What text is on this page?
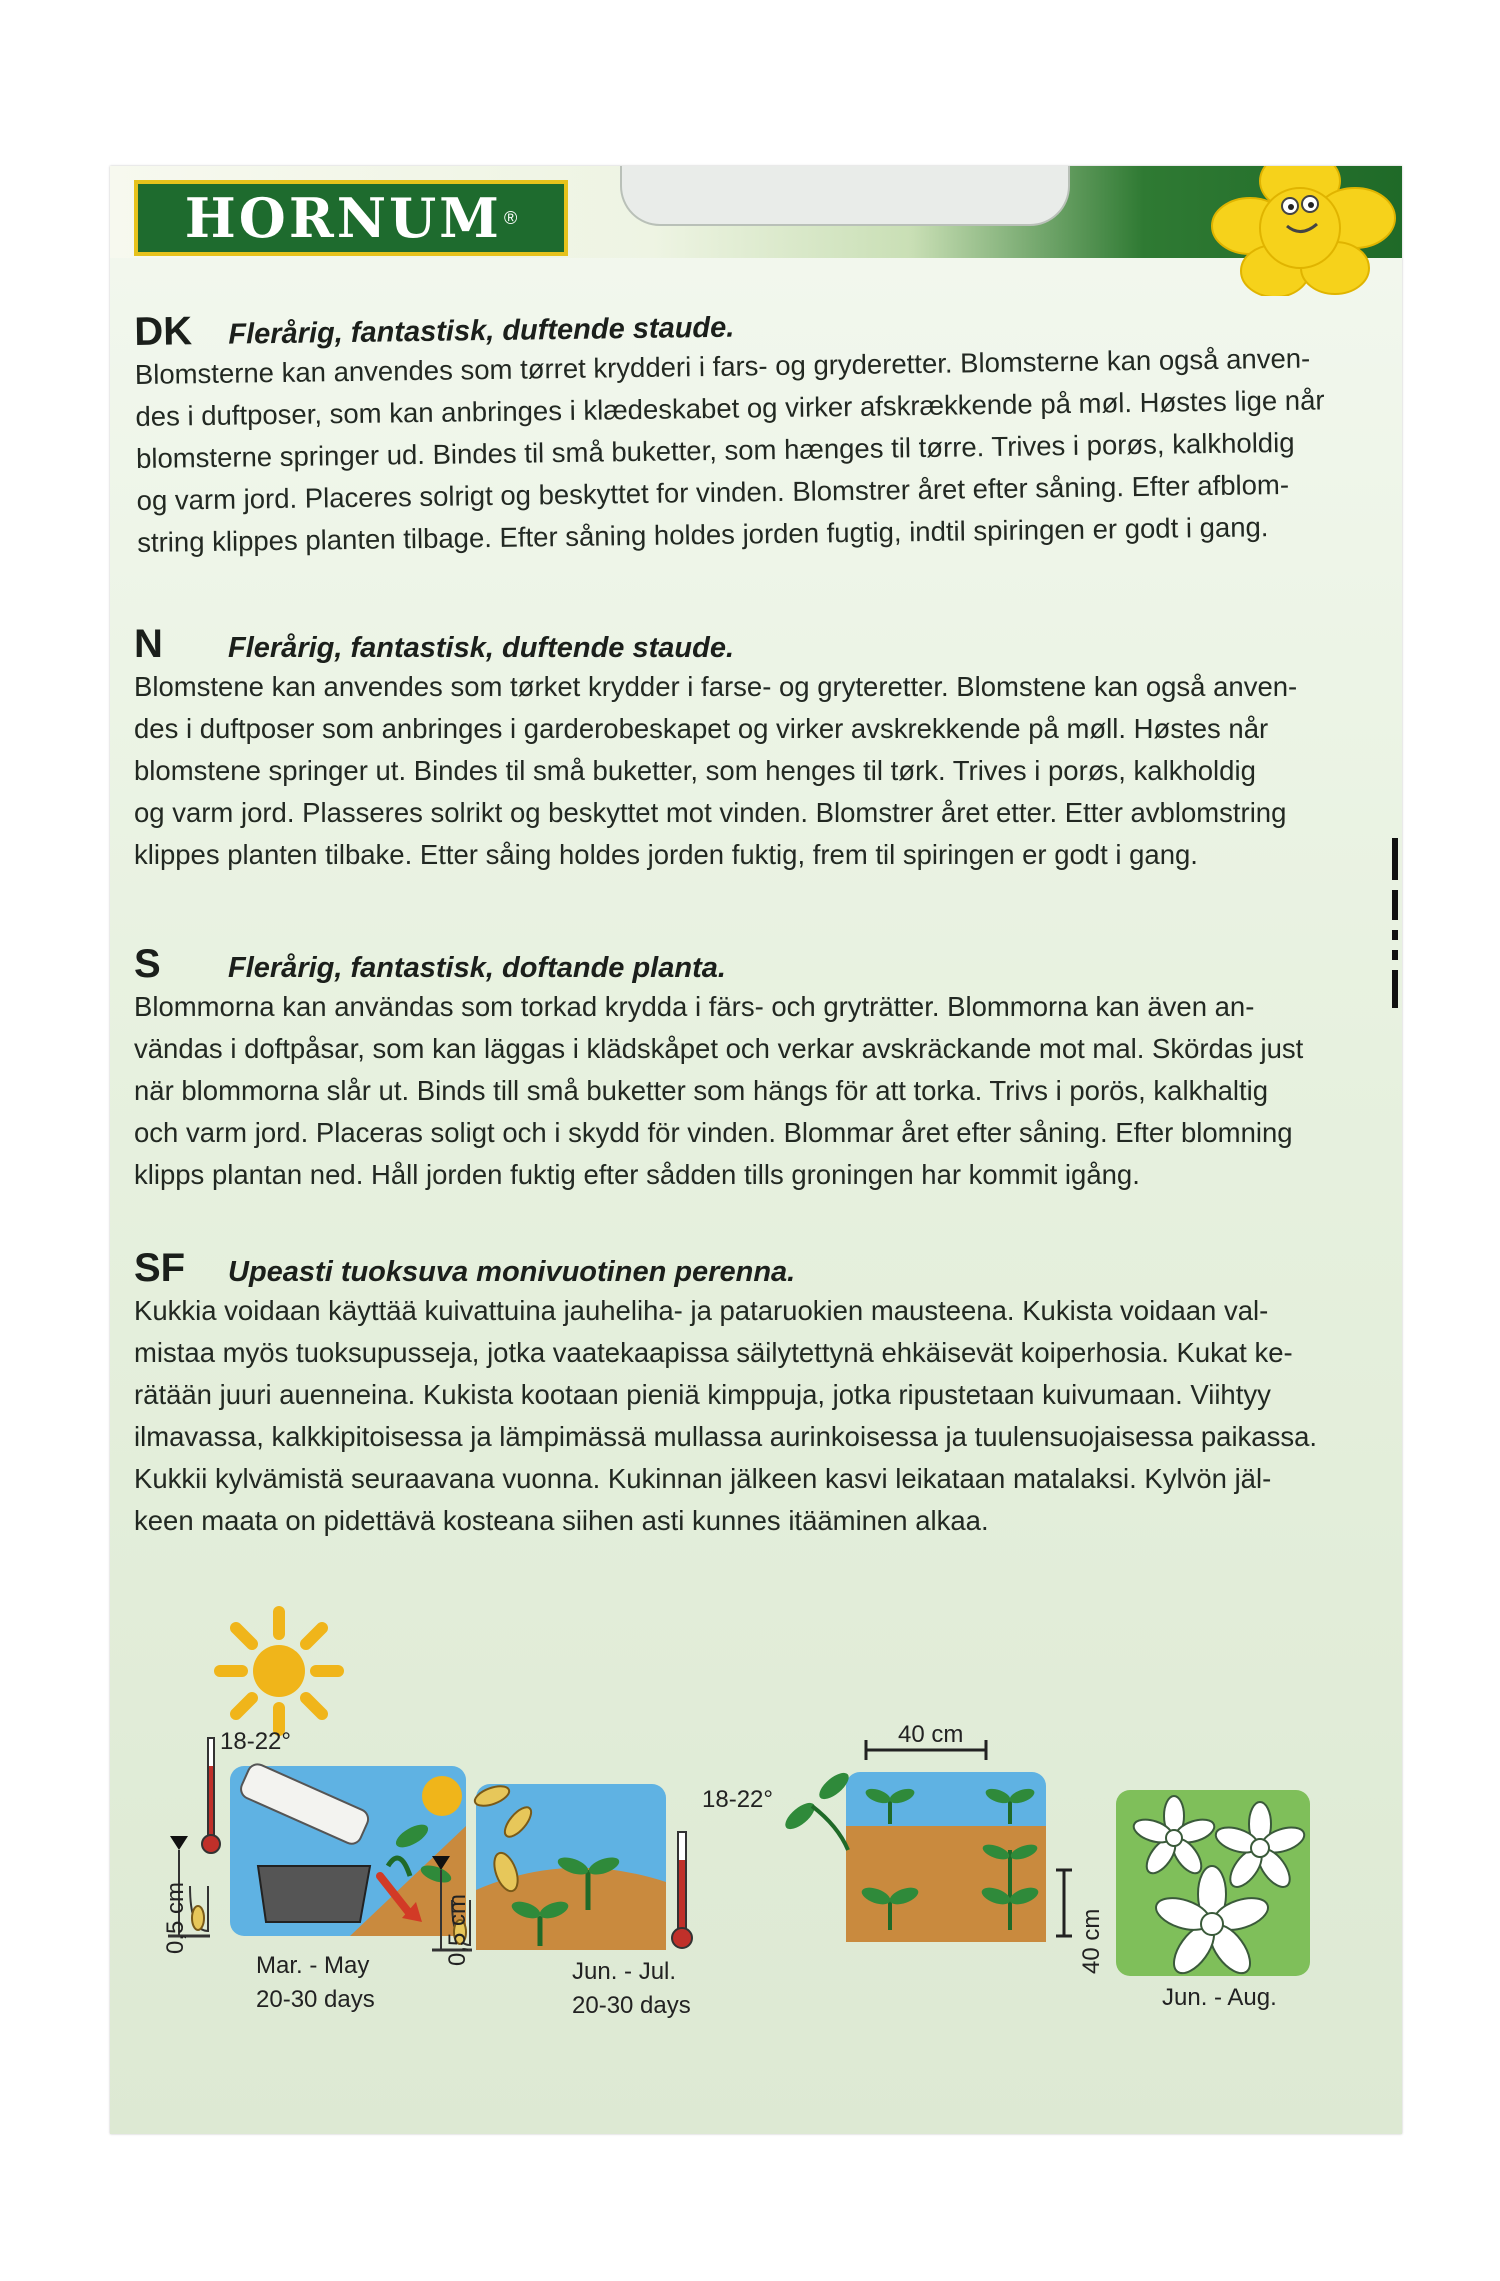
HORNUM ®
DK	Flerårig, fantastisk, duftende staude.

Blomsterne kan anvendes som tørret krydderi i fars- og gryderetter. Blomsterne kan også anven-
des i duftposer, som kan anbringes i klædeskabet og virker afskrækkende på møl. Høstes lige når
blomsterne springer ud. Bindes til små buketter, som hænges til tørre. Trives i porøs, kalkholdig
og varm jord. Placeres solrigt og beskyttet for vinden. Blomstrer året efter såning. Efter afblom-
string klippes planten tilbage. Efter såning holdes jorden fugtig, indtil spiringen er godt i gang.

N	Flerårig, fantastisk, duftende staude.

Blomstene kan anvendes som tørket krydder i farse- og gryteretter. Blomstene kan også anven-
des i duftposer som anbringes i garderobeskapet og virker avskrekkende på møll. Høstes når
blomstene springer ut. Bindes til små buketter, som henges til tørk. Trives i porøs, kalkholdig
og varm jord. Plasseres solrikt og beskyttet mot vinden. Blomstrer året etter. Etter avblomstring
klippes planten tilbake. Etter såing holdes jorden fuktig, frem til spiringen er godt i gang.

S	Flerårig, fantastisk, doftande planta.

Blommorna kan användas som torkad krydda i färs- och gryträtter. Blommorna kan även an-
vändas i doftpåsar, som kan läggas i klädskåpet och verkar avskräckande mot mal. Skördas just
när blommorna slår ut. Binds till små buketter som hängs för att torka. Trivs i porös, kalkhaltig
och varm jord. Placeras soligt och i skydd för vinden. Blommar året efter såning. Efter blomning
klipps plantan ned. Håll jorden fuktig efter sådden tills groningen har kommit igång.

SF	Upeasti tuoksuva monivuotinen perenna.

Kukkia voidaan käyttää kuivattuina jauheliha- ja pataruokien mausteena. Kukista voidaan val-
mistaa myös tuoksupusseja, jotka vaatekaapissa säilytettynä ehkäisevät koiperhosia. Kukat ke-
rätään juuri auenneina. Kukista kootaan pieniä kimppuja, jotka ripustetaan kuivumaan. Viihtyy
ilmavassa, kalkkipitoisessa ja lämpimässä mullassa aurinkoisessa ja tuulensuojaisessa paikassa.
Kukkii kylvämistä seuraavana vuonna. Kukinnan jälkeen kasvi leikataan matalaksi. Kylvön jäl-
keen maata on pidettävä kosteana siihen asti kunnes itääminen alkaa.

18-22°
0,5 cm
Mar. - May
20-30 days
18-22°
0,5 cm
Jun. - Jul.
20-30 days
40 cm
40 cm
Jun. - Aug.
